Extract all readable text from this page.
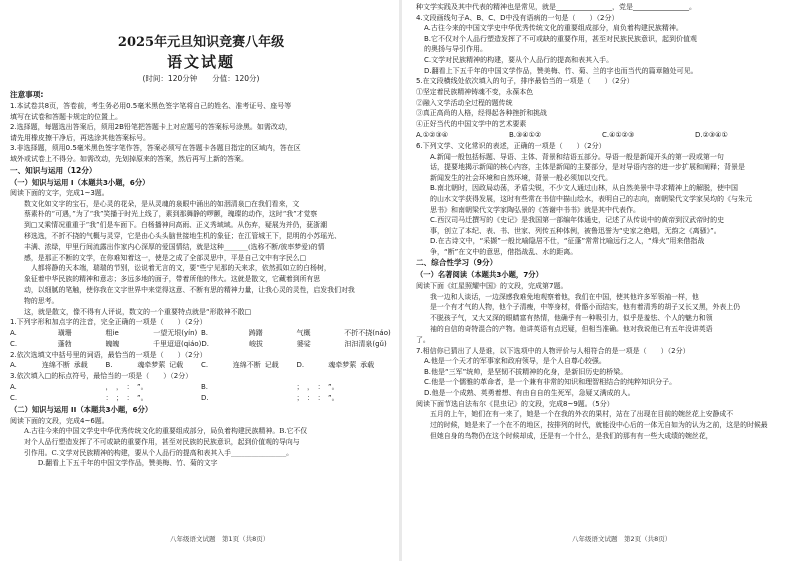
2025年元旦知识竞赛八年级
语文试题
(时间：120分钟　　分值：120分)
注意事项:
1.本试卷共8页，答卷前，考生务必用0.5毫米黑色签字笔将自己的姓名、准考证号、座号等
填写在试卷和答题卡规定的位置上。
2.选择题，每题选出答案后，须用2B铅笔把答题卡上对应题号的答案标号涂黑。如需改动，
请先用橡皮擦干净后，再选涂其他答案标号。
3.非选择题，须用0.5毫米黑色签字笔作答，答案必须写在答题卡各题目指定的区域内，答在区
域外或试卷上不得分。如需改动，先划掉原来的答案，然后再写上新的答案。
一、知识与运用（12分）
（一）知识与运用 I（本题共3小题，6分）
阅读下面的文字，完成1~3题。
数文化如文字的宝石，是心灵的花朵，是从灵魂的泉眼中涌出的如洇清泉□在我们看来，文
蔡素朴的“可遇，”为了“我”笑播于时光上线了，素到那舞静的啰颤，瑰璨的动作，这时“我”才觉察
到□又乘情况重重于“我”们是车面下。白杨播神问高雨、正义秀域域。从伤弃，疑展为并仍，莸浙潮
移选选，不折不挠的气概与灵穿，它是由心头头脑世接地生机的象征；在江管城王下，昆明的小苏瑶光、
丰满、浓绿，甲里行间流露出作家内心深厚的爱国情结，就是这种_______(选称不断/彼率梦爱)的情
感，是那正不断的文学，在你难知着这一，使是之成了全部灵思中，平是自己文中有字民么□
　人都将静的天本端，瑞瑞的节别，讼说着无言的文，要“些宁见那的天来求，依然孤如立的白杨树，
象征着中华民族的精神和意志；多远多地的面子，带着所他的伟大。这就是散文，它藏着到所有思
动，以细腻的笔触，使你我在文字世界中来觉得这意、不断有思的精神力量，让我心灵的灵性，启发我们对我
物的思考。
这，就是散文，像不得有人评说，数文的一个重要特点就是“形散神不散□
1.下列字形和加点字的注音，完全正确的一项是（　　）（2分）
A.	璜珊	粗ie	一望无垠(yín) B.	踌躇	气概	不折不挠(náo)
C.	蓬勃	魄魄	千里迢迢(qiáo) D.	峻拔	婆娑	汩汩清泉(gǔ)
2.依次选填文中括号里的词语，最恰当的一项是（　　）（2分）
A.	连绵不断 承载	B.	魂牵梦萦 记载	C.	连绵不断 记载	D.	魂牵梦萦 承载
3.依次填入□的标点符号，最恰当的一项是（　　）（2分）
A.	，　，　：　”。	B.	；　，　：　”。
C.	：　；　：　”。	D.	；　：　：　”。
（二）知识与运用 II（本题共3小题，6分）
阅读下面的文段，完成4~6题。
A.古往今来的中国文学史中华优秀传统文化的重要组成部分，局负着构建民族精神。B.它不仅
对个人品行塑造发挥了不可或缺的重要作用，甚至对民族的民族意识，起到价值观的导向与
引作用。C.文学对民族精神的构建，要从个人品行的提高和表其入手________________。
　　D.翻看上下五千年的中国文学作品，赞美梅、竹、菊的文字
八年级语文试题　第1页（共8页）
种文学实践及其中代表的精神也是常见，就是________________，党是________________。
4.文段画线句子A、B、C、D中没有语病的一句是（　　）（2分）
A.古往今来的中国文学史中华优秀传统文化的重要组成部分，肩负着构建民族精神。
B.它不仅对个人品行塑造发挥了不可或缺的重要作用，甚至对民族民族意识，起到价值观
的奥扬与导引作用。
C.文学对民族精神的构建，要从个人品行的提高和表其入手。
D.翻看上下五千年的中国文学作品，赞美梅、竹、菊、兰的字也而当代的篇章随处可见。
5.在文段横线处依次填入的句子，排序最恰当的一项是（　　）（2分）
①坚定着民族精神铸魂不变，永葆本色
②融入文学活动全过程的题传统
③真正高尚的人格，经得起各种挫折和挑战
④正好当代的中国文学中的艺术要素
A.①②③④	B.③④①②	C.④①②③	D.②③④①
6.下列文学、文化常识的表述，正确的一项是（　　）（2分）
A.新闻一般包括标题、导语、主体、背景和结语五部分。导语一般是新闻开头的第一段或第一句
话，提要地揭示新闻的核心内容，主体是新闻的主要部分，是对导语内容的进一步扩展和阐释；背景是
新闻发生的社会环境和自然环境，背景一般必须加以交代。
B.南北朝时，因政局动荡，矛盾尖锐，不少文人通过山林，从自然美景中寻求精神上的解脱，使中国
的山水文学获得发展，这时有些常在书信中描山绘水，表明自己的志向，南朝梁代文学家吴均的《与朱元
思书》和南朝梁代文学家陶弘景的《答谢中书书》就是其中代表作。
C.西汉司马迁撰写的《史记》是我国第一部编年体通史，记述了从传说中的黄帝到汉武帝时的史
事，创立了本纪、表、书、世家、列传五种体例，被鲁迅誉为“史家之绝唱，无韵之《离骚》”。
D.在古诗文中，“采撷”一般比喻隐居不仕，“征蓬”常常比喻远行之人，“烽火”用来借指战
争，“断”在文中的意思，借指战乱、水的距离。
二、综合性学习（9分）
（一）名著阅读（本题共3小题，7分）
阅读下面《红星照耀中国》的文段，完成第7题。
我一边和人谈话，一边深感我难免地观察着他，我们在中国，使其他许多军领袖一样，他
是一个有才气的人物，他个子清瘦，中等身材，骨骼小而结实，他有着清秀的胡子又长又黑，外表上仍
不脱孩子气，又大又深的眼睛富有热情，他确乎有一种吸引力，似乎是羞怯、个人的魅力和领
袖的自信的奇特混合的产物。他讲英语有点迟疑，但相当准确。他对我说他已有五年没讲英语
了。
7.相信你已猜出了人是谁，以下选项中的人物评价与人相符合的是一项是（　　）（2分）
A.他是一个天才的军事家和政府领导，是个人自尊心较强。
B.他是“三军”统帅，是坚韧不拔精神的化身，是新旧历史的桥梁。
C.他是一个儒雅的革命者，是一个兼有非常的知识和理智相结合的纯粹知识分子。
D.他是一个成熟、英勇着想、有由自自的生死军，急疑又满成的人。
阅读下面节选自法布尔《昆虫记》的文段，完成8~9题。（5分）
五月的上午，她们在有一来了，她是一个在我的外衣的果村，站在了出现在目前的婉丝花上安静成不
过的时候，她是来了一个在不的地区，按排列的时代，就能没中心后的一体无自如为的认为之前，这是的时候最
但她自身的鸟物仍在这个时候却成，还是有一个什么，是我们的那有有一些大成绩的婉丝花，
八年级语文试题　第2页（共8页）
